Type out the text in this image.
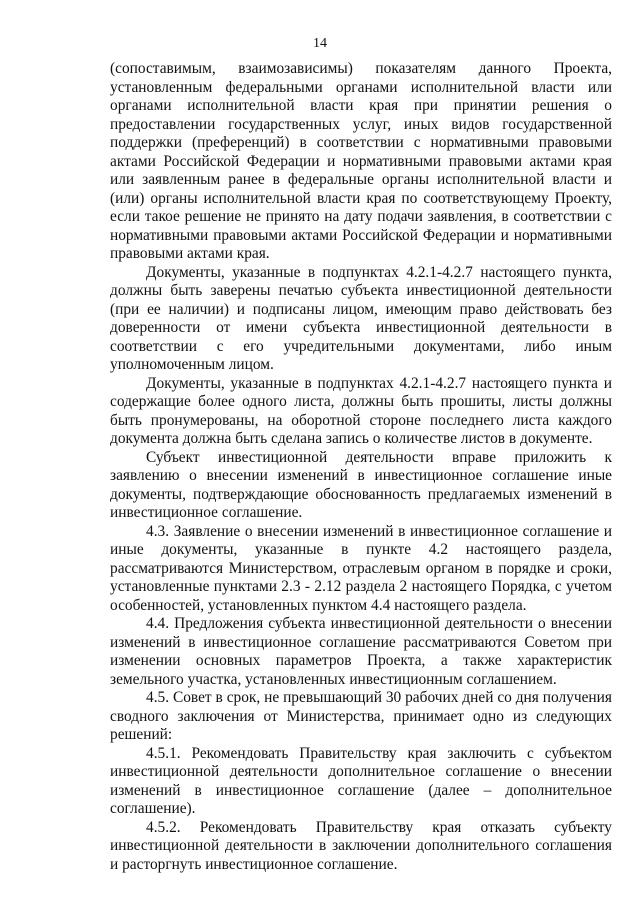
14

(сопоставимым, взаимозависимы) показателям данного Проекта, установленным федеральными органами исполнительной власти или органами исполнительной власти края при принятии решения о предоставлении государственных услуг, иных видов государственной поддержки (преференций) в соответствии с нормативными правовыми актами Российской Федерации и нормативными правовыми актами края или заявленным ранее в федеральные органы исполнительной власти и (или) органы исполнительной власти края по соответствующему Проекту, если такое решение не принято на дату подачи заявления, в соответствии с нормативными правовыми актами Российской Федерации и нормативными правовыми актами края.

Документы, указанные в подпунктах 4.2.1-4.2.7 настоящего пункта, должны быть заверены печатью субъекта инвестиционной деятельности (при ее наличии) и подписаны лицом, имеющим право действовать без доверенности от имени субъекта инвестиционной деятельности в соответствии с его учредительными документами, либо иным уполномоченным лицом.

Документы, указанные в подпунктах 4.2.1-4.2.7 настоящего пункта и содержащие более одного листа, должны быть прошиты, листы должны быть пронумерованы, на оборотной стороне последнего листа каждого документа должна быть сделана запись о количестве листов в документе.

Субъект инвестиционной деятельности вправе приложить к заявлению о внесении изменений в инвестиционное соглашение иные документы, подтверждающие обоснованность предлагаемых изменений в инвестиционное соглашение.

4.3. Заявление о внесении изменений в инвестиционное соглашение и иные документы, указанные в пункте 4.2 настоящего раздела, рассматриваются Министерством, отраслевым органом в порядке и сроки, установленные пунктами 2.3 - 2.12 раздела 2 настоящего Порядка, с учетом особенностей, установленных пунктом 4.4 настоящего раздела.

4.4. Предложения субъекта инвестиционной деятельности о внесении изменений в инвестиционное соглашение рассматриваются Советом при изменении основных параметров Проекта, а также характеристик земельного участка, установленных инвестиционным соглашением.

4.5. Совет в срок, не превышающий 30 рабочих дней со дня получения сводного заключения от Министерства, принимает одно из следующих решений:

4.5.1. Рекомендовать Правительству края заключить с субъектом инвестиционной деятельности дополнительное соглашение о внесении изменений в инвестиционное соглашение (далее – дополнительное соглашение).

4.5.2. Рекомендовать Правительству края отказать субъекту инвестиционной деятельности в заключении дополнительного соглашения и расторгнуть инвестиционное соглашение.
